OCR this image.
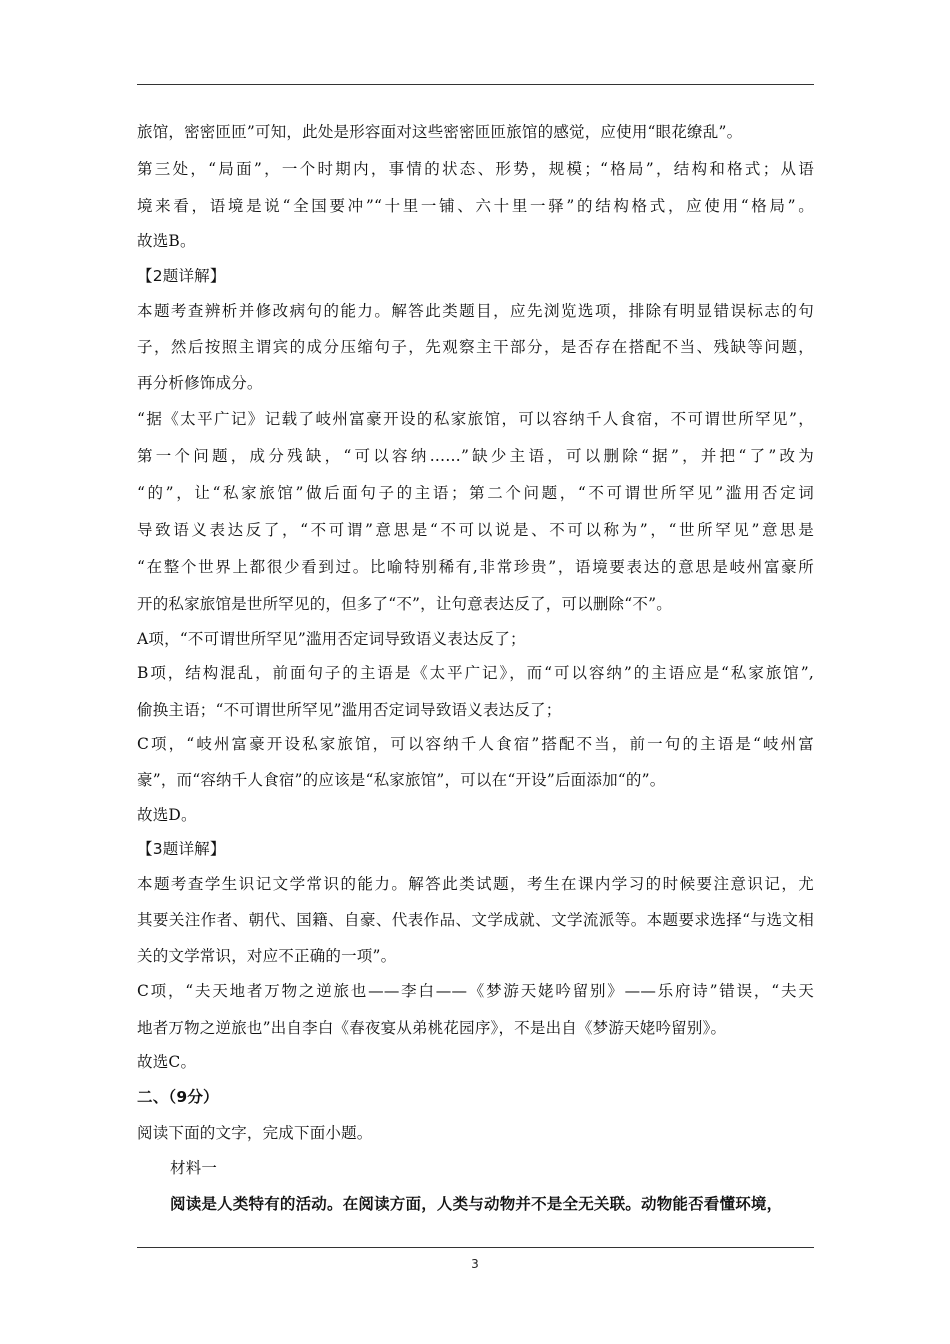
旅馆，密密匝匝”可知，此处是形容面对这些密密匝匝旅馆的感觉，应使用“眼花缭乱”。
第三处，“局面”，一个时期内，事情的状态、形势，规模；“格局”，结构和格式；从语
境来看，语境是说“全国要冲”“十里一铺、六十里一驿”的结构格式，应使用“格局”。
故选B。
【2题详解】
本题考查辨析并修改病句的能力。解答此类题目，应先浏览选项，排除有明显错误标志的句
子，然后按照主谓宾的成分压缩句子，先观察主干部分，是否存在搭配不当、残缺等问题，
再分析修饰成分。
“据《太平广记》记载了岐州富豪开设的私家旅馆，可以容纳千人食宿，不可谓世所罕见”，
第一个问题，成分残缺，“可以容纳……”缺少主语，可以删除“据”，并把“了”改为
“的”，让“私家旅馆”做后面句子的主语；第二个问题，“不可谓世所罕见”滥用否定词
导致语义表达反了，“不可谓”意思是“不可以说是、不可以称为”，“世所罕见”意思是
“在整个世界上都很少看到过。比喻特别稀有,非常珍贵”，语境要表达的意思是岐州富豪所
开的私家旅馆是世所罕见的，但多了“不”，让句意表达反了，可以删除“不”。
A项，“不可谓世所罕见”滥用否定词导致语义表达反了；
B项，结构混乱，前面句子的主语是《太平广记》，而“可以容纳”的主语应是“私家旅馆”,
偷换主语；“不可谓世所罕见”滥用否定词导致语义表达反了；
C项，“岐州富豪开设私家旅馆，可以容纳千人食宿”搭配不当，前一句的主语是“岐州富
豪”，而“容纳千人食宿”的应该是“私家旅馆”，可以在“开设”后面添加“的”。
故选D。
【3题详解】
本题考查学生识记文学常识的能力。解答此类试题，考生在课内学习的时候要注意识记，尤
其要关注作者、朝代、国籍、自豪、代表作品、文学成就、文学流派等。本题要求选择“与选文相
关的文学常识，对应不正确的一项”。
C项，“夫天地者万物之逆旅也——李白——《梦游天姥吟留别》——乐府诗”错误，“夫天
地者万物之逆旅也”出自李白《春夜宴从弟桃花园序》，不是出自《梦游天姥吟留别》。
故选C。
二、（9分）
阅读下面的文字，完成下面小题。
材料一
阅读是人类特有的活动。在阅读方面，人类与动物并不是全无关联。动物能否看懂环境，
3
